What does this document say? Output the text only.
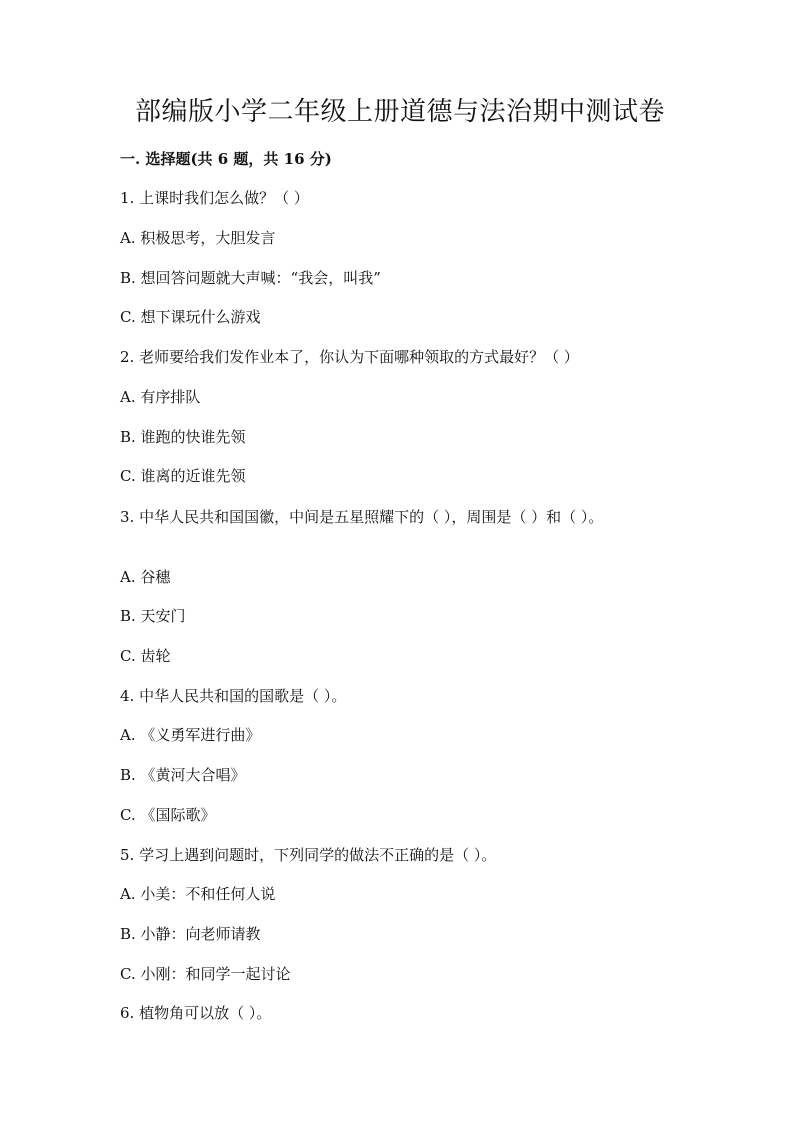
部编版小学二年级上册道德与法治期中测试卷
一. 选择题(共 6 题，共 16 分)
1. 上课时我们怎么做？（ ）
A. 积极思考，大胆发言
B. 想回答问题就大声喊：“我会，叫我”
C. 想下课玩什么游戏
2. 老师要给我们发作业本了，你认为下面哪种领取的方式最好？（ ）
A. 有序排队
B. 谁跑的快谁先领
C. 谁离的近谁先领
3. 中华人民共和国国徽，中间是五星照耀下的（ ），周围是（ ）和（ ）。
A. 谷穗
B. 天安门
C. 齿轮
4. 中华人民共和国的国歌是（ ）。
A. 《义勇军进行曲》
B. 《黄河大合唱》
C. 《国际歌》
5. 学习上遇到问题时，下列同学的做法不正确的是（ ）。
A. 小美：不和任何人说
B. 小静：向老师请教
C. 小刚：和同学一起讨论
6. 植物角可以放（ ）。
